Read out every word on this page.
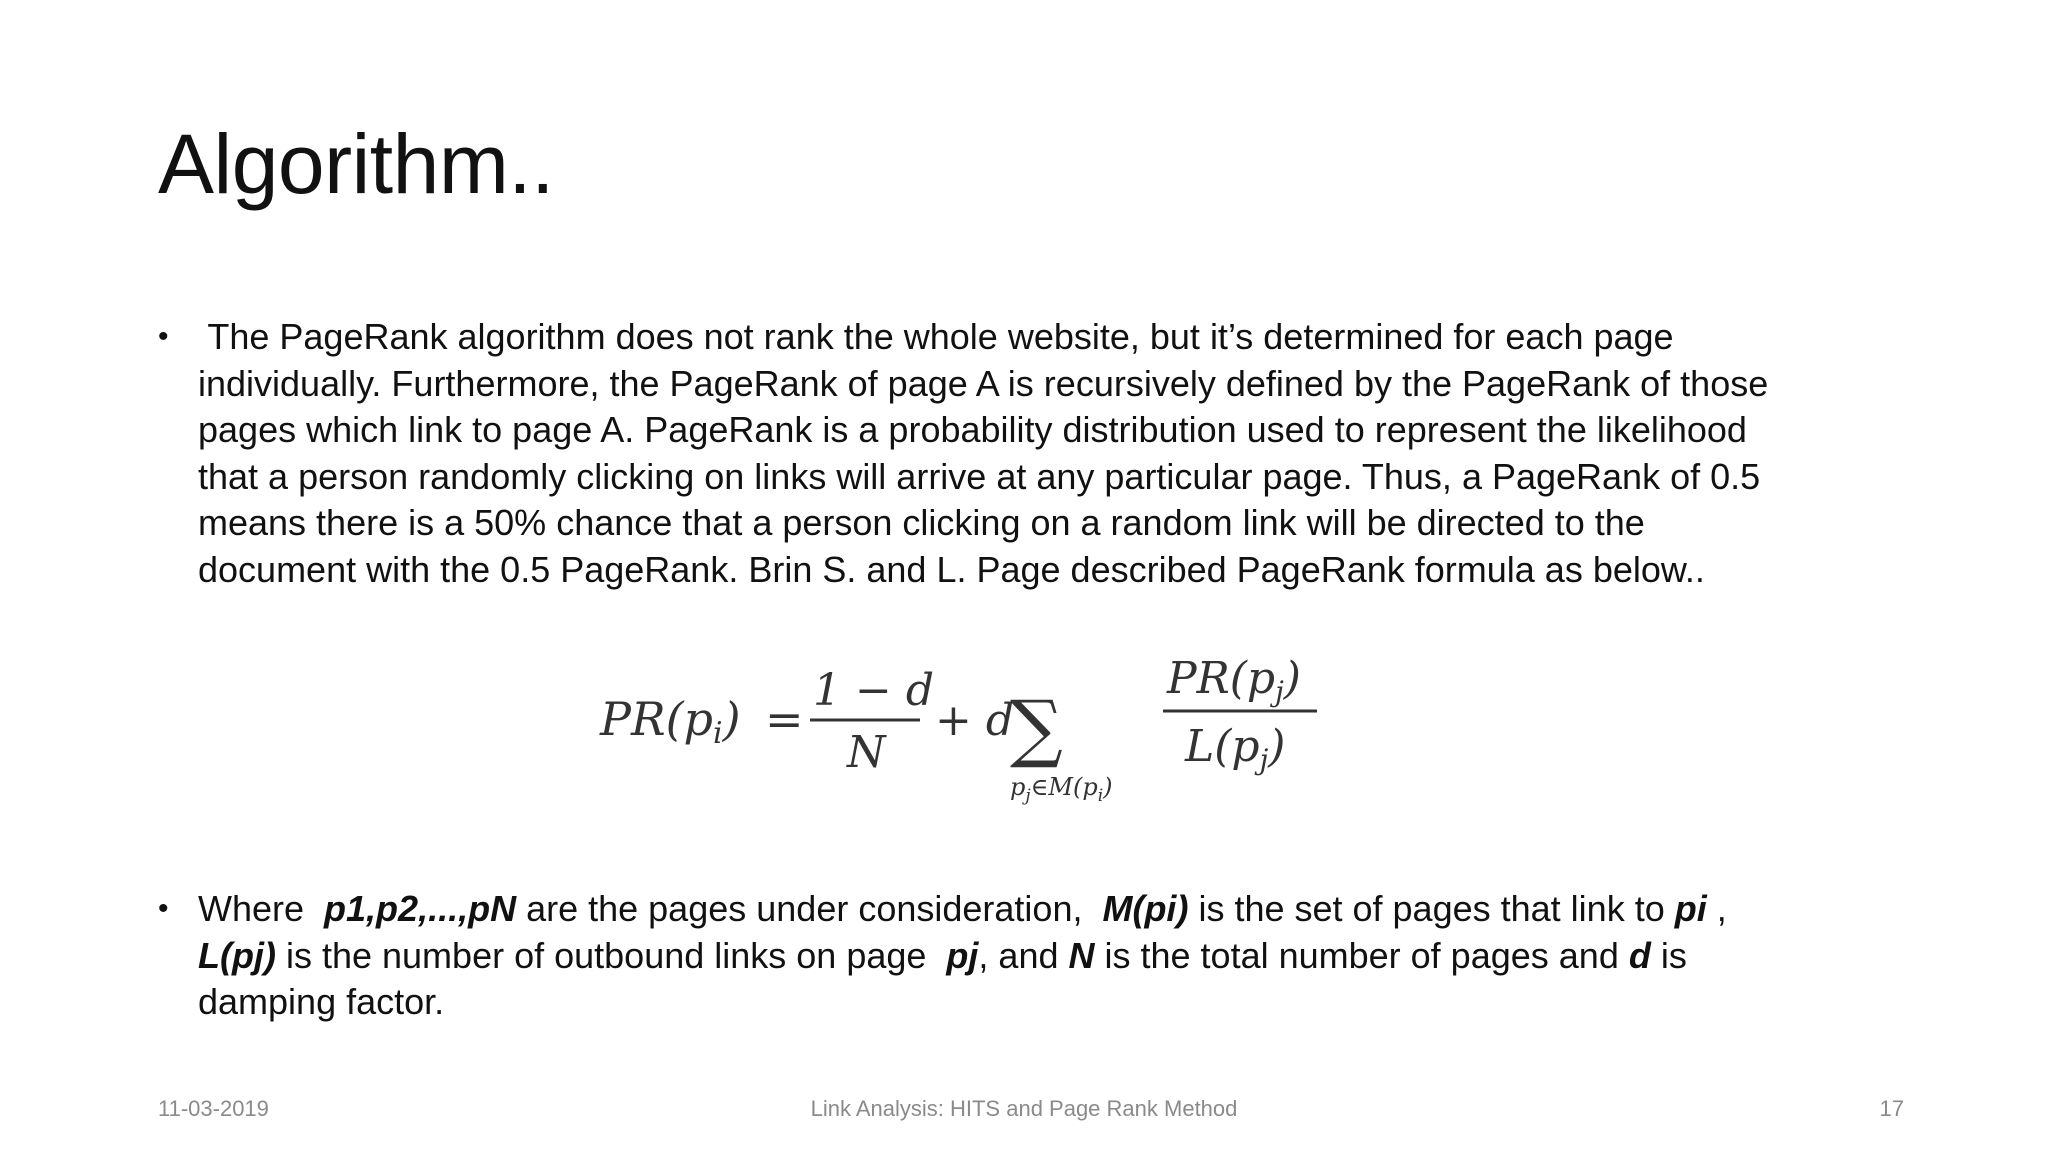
Algorithm..
• The PageRank algorithm does not rank the whole website, but it’s determined for each page
individually. Furthermore, the PageRank of page A is recursively defined by the PageRank of those
pages which link to page A. PageRank is a probability distribution used to represent the likelihood
that a person randomly clicking on links will arrive at any particular page. Thus, a PageRank of 0.5
means there is a 50% chance that a person clicking on a random link will be directed to the
document with the 0.5 PageRank. Brin S. and L. Page described PageRank formula as below..
PR(pi) =
1 − d
N
+ d
∑
$p_j\in M(p_i)$
PR(pj)
L(pj)
• Where  p1,p2,...,pN are the pages under consideration,  M(pi) is the set of pages that link to pi ,
L(pj) is the number of outbound links on page  pj, and N is the total number of pages and d is
damping factor.
11-03-2019	Link Analysis: HITS and Page Rank Method	17
